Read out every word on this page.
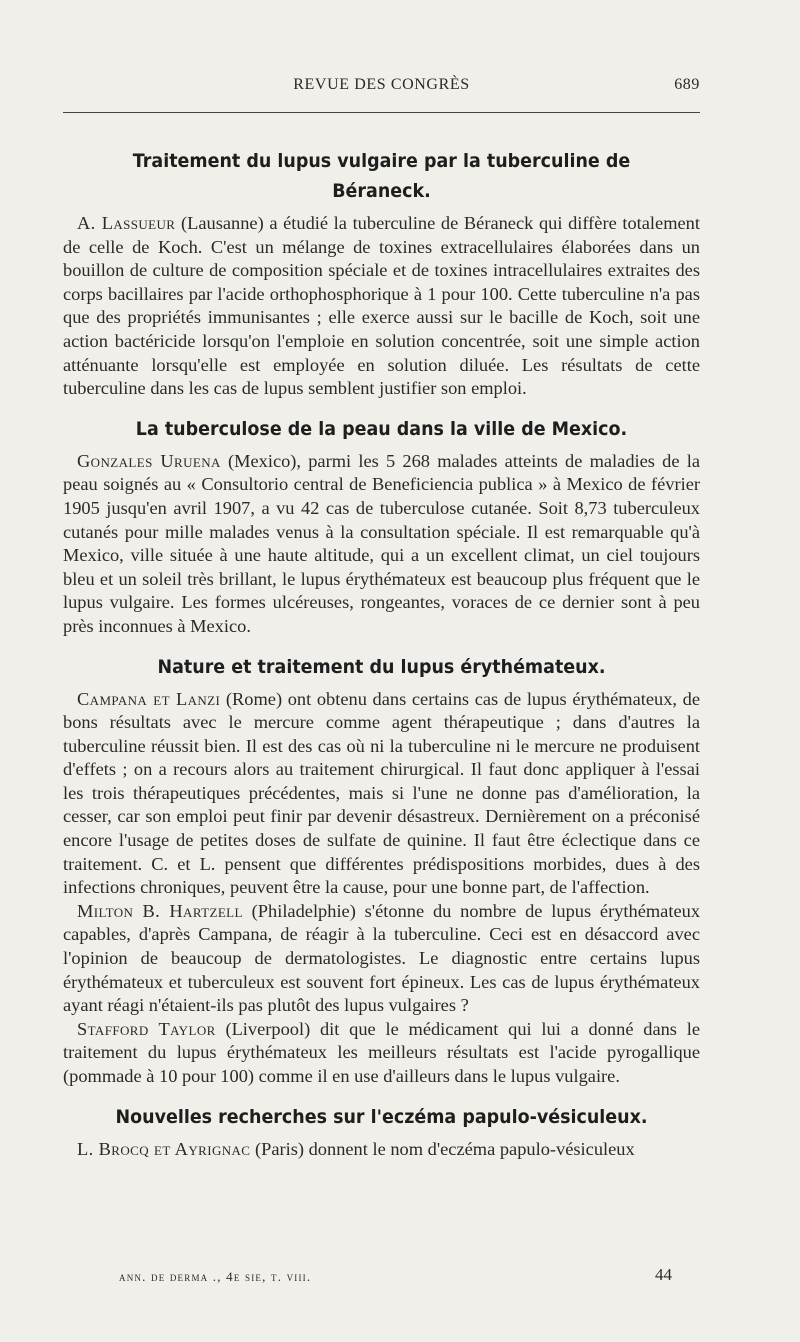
REVUE DES CONGRÈS	689
Traitement du lupus vulgaire par la tuberculine de Béraneck.

A. Lassueur (Lausanne) a étudié la tuberculine de Béraneck qui diffère totalement de celle de Koch. C'est un mélange de toxines extracellulaires élaborées dans un bouillon de culture de composition spéciale et de toxines intracellulaires extraites des corps bacillaires par l'acide orthophosphorique à 1 pour 100. Cette tuberculine n'a pas que des propriétés immunisantes ; elle exerce aussi sur le bacille de Koch, soit une action bactéricide lorsqu'on l'emploie en solution concentrée, soit une simple action atténuante lorsqu'elle est employée en solution diluée. Les résultats de cette tuberculine dans les cas de lupus semblent justifier son emploi.

La tuberculose de la peau dans la ville de Mexico.

Gonzales Uruena (Mexico), parmi les 5 268 malades atteints de maladies de la peau soignés au « Consultorio central de Beneficiencia publica » à Mexico de février 1905 jusqu'en avril 1907, a vu 42 cas de tuberculose cutanée. Soit 8,73 tuberculeux cutanés pour mille malades venus à la consultation spéciale. Il est remarquable qu'à Mexico, ville située à une haute altitude, qui a un excellent climat, un ciel toujours bleu et un soleil très brillant, le lupus érythémateux est beaucoup plus fréquent que le lupus vulgaire. Les formes ulcéreuses, rongeantes, voraces de ce dernier sont à peu près inconnues à Mexico.

Nature et traitement du lupus érythémateux.

Campana et Lanzi (Rome) ont obtenu dans certains cas de lupus érythémateux, de bons résultats avec le mercure comme agent thérapeutique ; dans d'autres la tuberculine réussit bien. Il est des cas où ni la tuberculine ni le mercure ne produisent d'effets ; on a recours alors au traitement chirurgical. Il faut donc appliquer à l'essai les trois thérapeutiques précédentes, mais si l'une ne donne pas d'amélioration, la cesser, car son emploi peut finir par devenir désastreux. Dernièrement on a préconisé encore l'usage de petites doses de sulfate de quinine. Il faut être éclectique dans ce traitement. C. et L. pensent que différentes prédispositions morbides, dues à des infections chroniques, peuvent être la cause, pour une bonne part, de l'affection.

Milton B. Hartzell (Philadelphie) s'étonne du nombre de lupus érythémateux capables, d'après Campana, de réagir à la tuberculine. Ceci est en désaccord avec l'opinion de beaucoup de dermatologistes. Le diagnostic entre certains lupus érythémateux et tuberculeux est souvent fort épineux. Les cas de lupus érythémateux ayant réagi n'étaient-ils pas plutôt des lupus vulgaires ?

Stafford Taylor (Liverpool) dit que le médicament qui lui a donné dans le traitement du lupus érythémateux les meilleurs résultats est l'acide pyrogallique (pommade à 10 pour 100) comme il en use d'ailleurs dans le lupus vulgaire.

Nouvelles recherches sur l'eczéma papulo-vésiculeux.

L. Brocq et Ayrignac (Paris) donnent le nom d'eczéma papulo-vésiculeux

ann. de derma ., 4e sie, t. viii.	44
